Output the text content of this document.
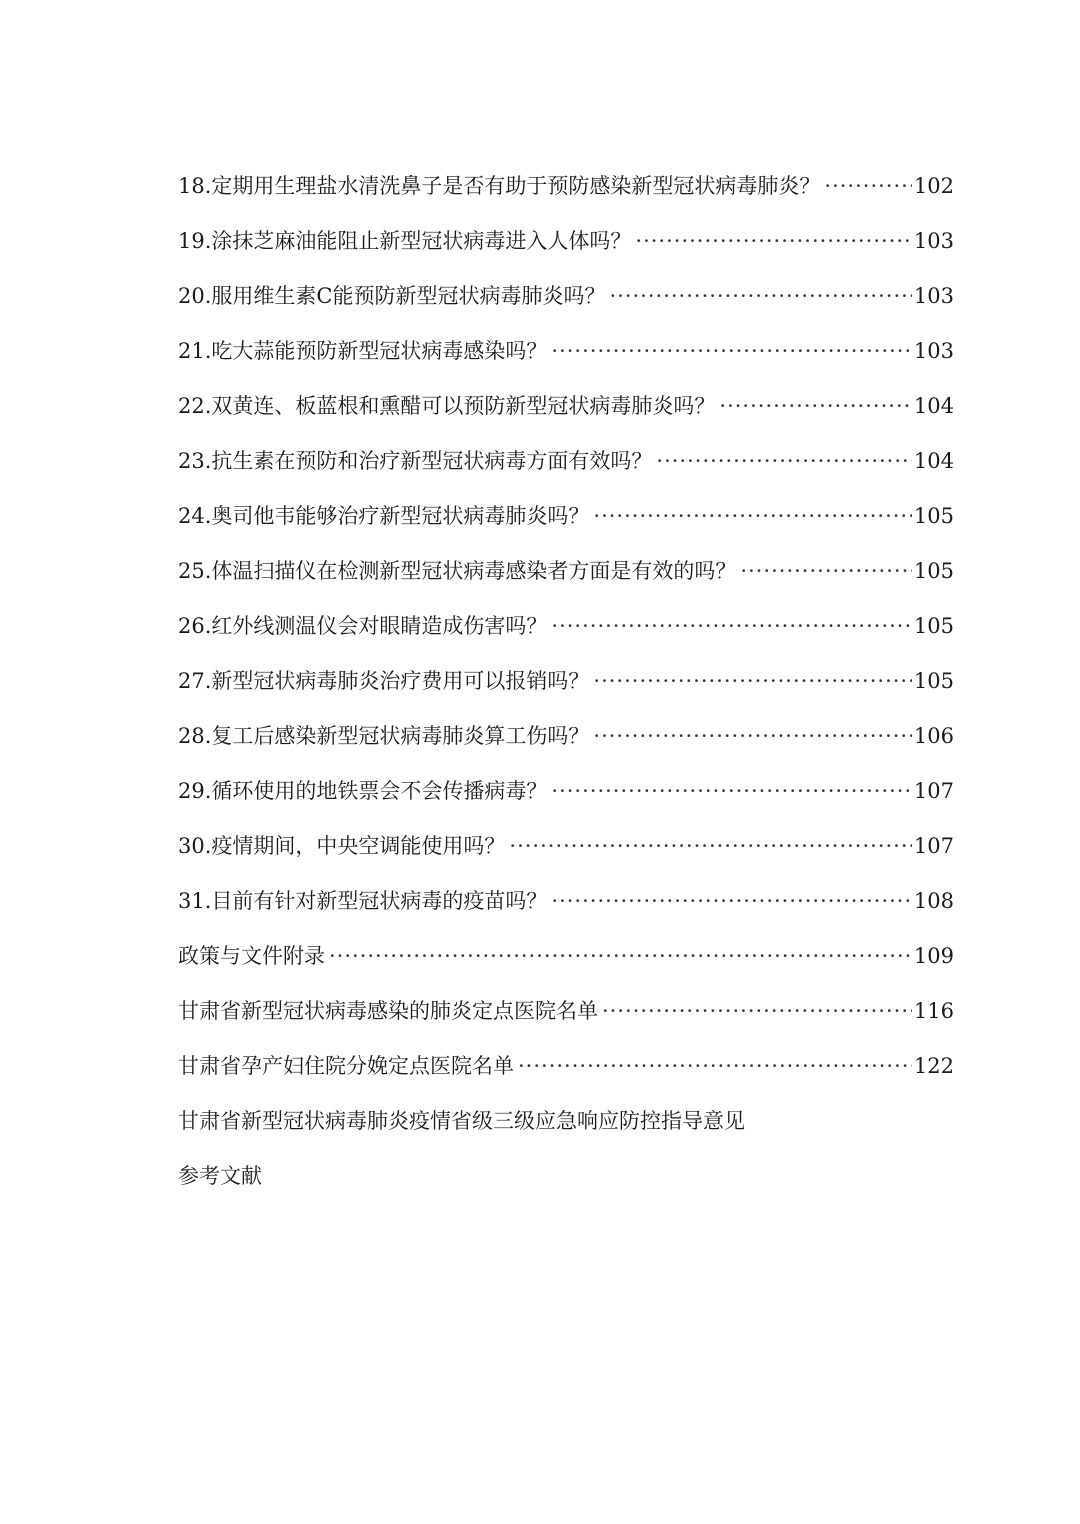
18.定期用生理盐水清洗鼻子是否有助于预防感染新型冠状病毒肺炎？ ·····	102
19.涂抹芝麻油能阻止新型冠状病毒进入人体吗？ ·····	103
20.服用维生素C能预防新型冠状病毒肺炎吗？ ·····	103
21.吃大蒜能预防新型冠状病毒感染吗？ ·····	103
22.双黄连、板蓝根和熏醋可以预防新型冠状病毒肺炎吗？ ·····	104
23.抗生素在预防和治疗新型冠状病毒方面有效吗？ ·····	104
24.奥司他韦能够治疗新型冠状病毒肺炎吗？ ·····	105
25.体温扫描仪在检测新型冠状病毒感染者方面是有效的吗？ ·····	105
26.红外线测温仪会对眼睛造成伤害吗？ ·····	105
27.新型冠状病毒肺炎治疗费用可以报销吗？ ·····	105
28.复工后感染新型冠状病毒肺炎算工伤吗？ ·····	106
29.循环使用的地铁票会不会传播病毒？ ·····	107
30.疫情期间，中央空调能使用吗？ ·····	107
31.目前有针对新型冠状病毒的疫苗吗？ ·····	108
政策与文件附录 ·····	109
甘肃省新型冠状病毒感染的肺炎定点医院名单 ·····	116
甘肃省孕产妇住院分娩定点医院名单 ·····	122
甘肃省新型冠状病毒肺炎疫情省级三级应急响应防控指导意见
参考文献
